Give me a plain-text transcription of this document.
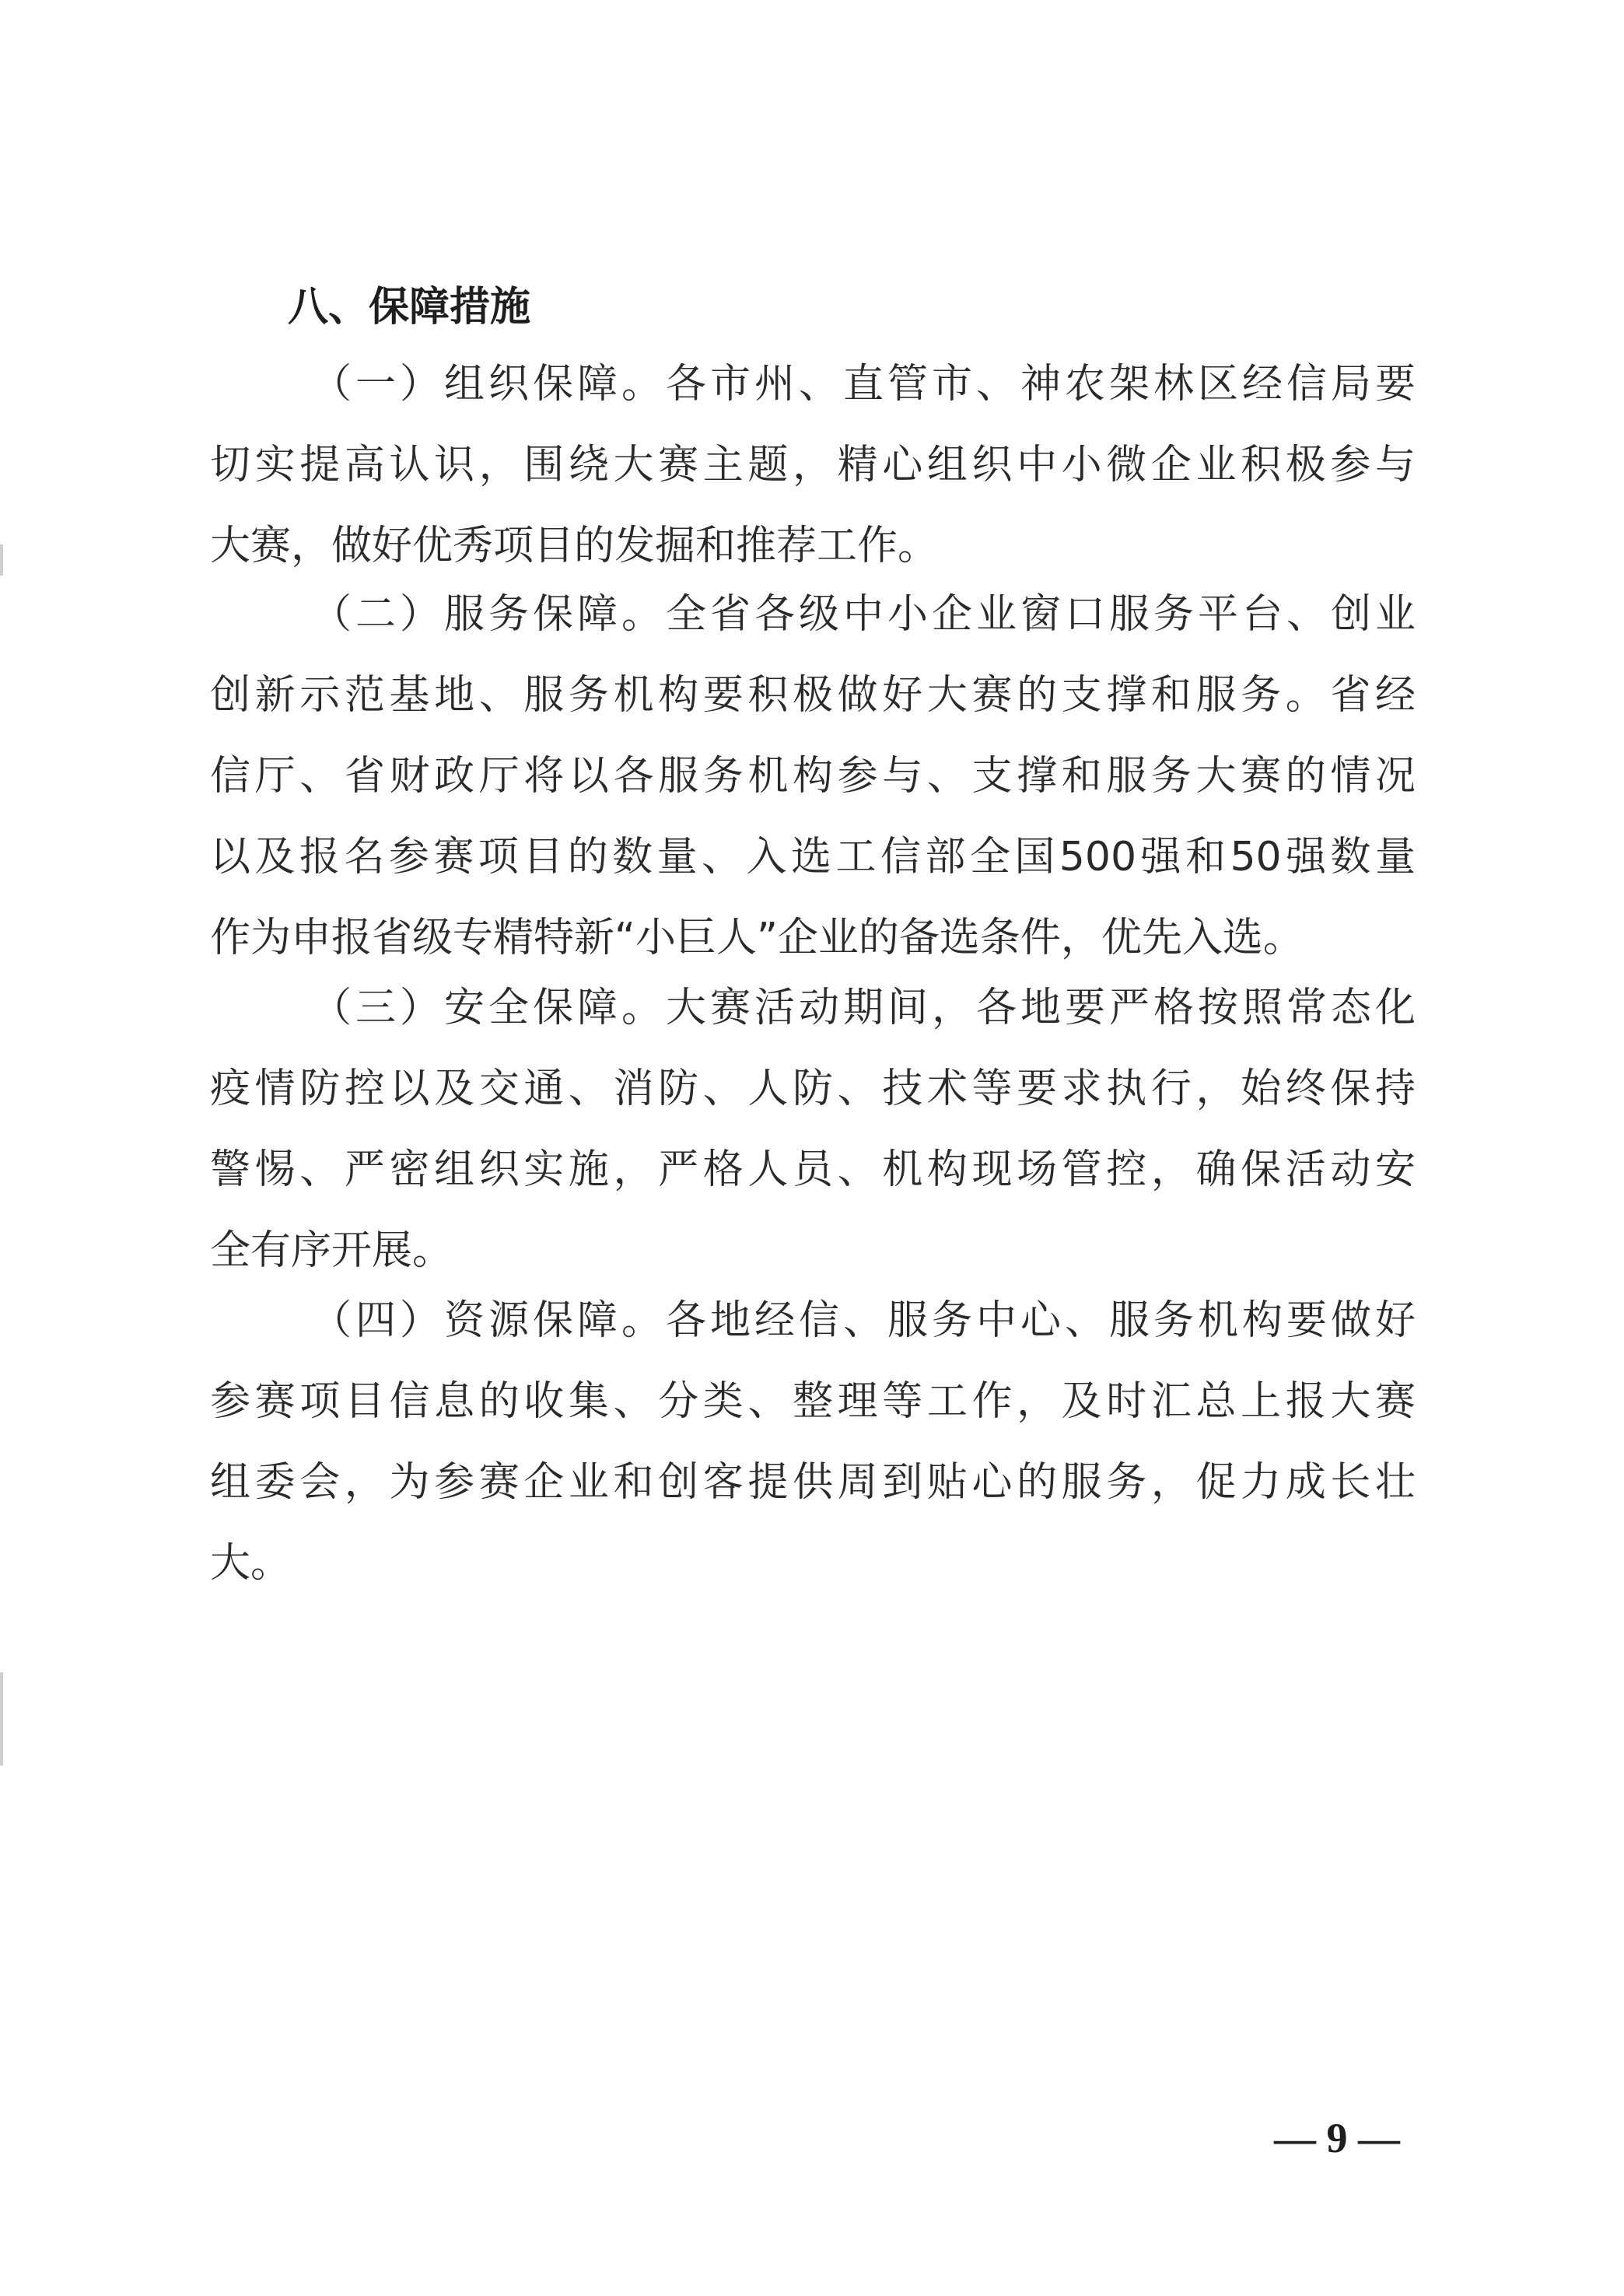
八、保障措施
（一）组织保障。各市州、直管市、神农架林区经信局要
切实提高认识，围绕大赛主题，精心组织中小微企业积极参与
大赛，做好优秀项目的发掘和推荐工作。
（二）服务保障。全省各级中小企业窗口服务平台、创业
创新示范基地、服务机构要积极做好大赛的支撑和服务。省经
信厅、省财政厅将以各服务机构参与、支撑和服务大赛的情况
以及报名参赛项目的数量、入选工信部全国500强和50强数量
作为申报省级专精特新“小巨人”企业的备选条件，优先入选。
（三）安全保障。大赛活动期间，各地要严格按照常态化
疫情防控以及交通、消防、人防、技术等要求执行，始终保持
警惕、严密组织实施，严格人员、机构现场管控，确保活动安
全有序开展。
（四）资源保障。各地经信、服务中心、服务机构要做好
参赛项目信息的收集、分类、整理等工作，及时汇总上报大赛
组委会，为参赛企业和创客提供周到贴心的服务，促力成长壮
大。
— 9 —
